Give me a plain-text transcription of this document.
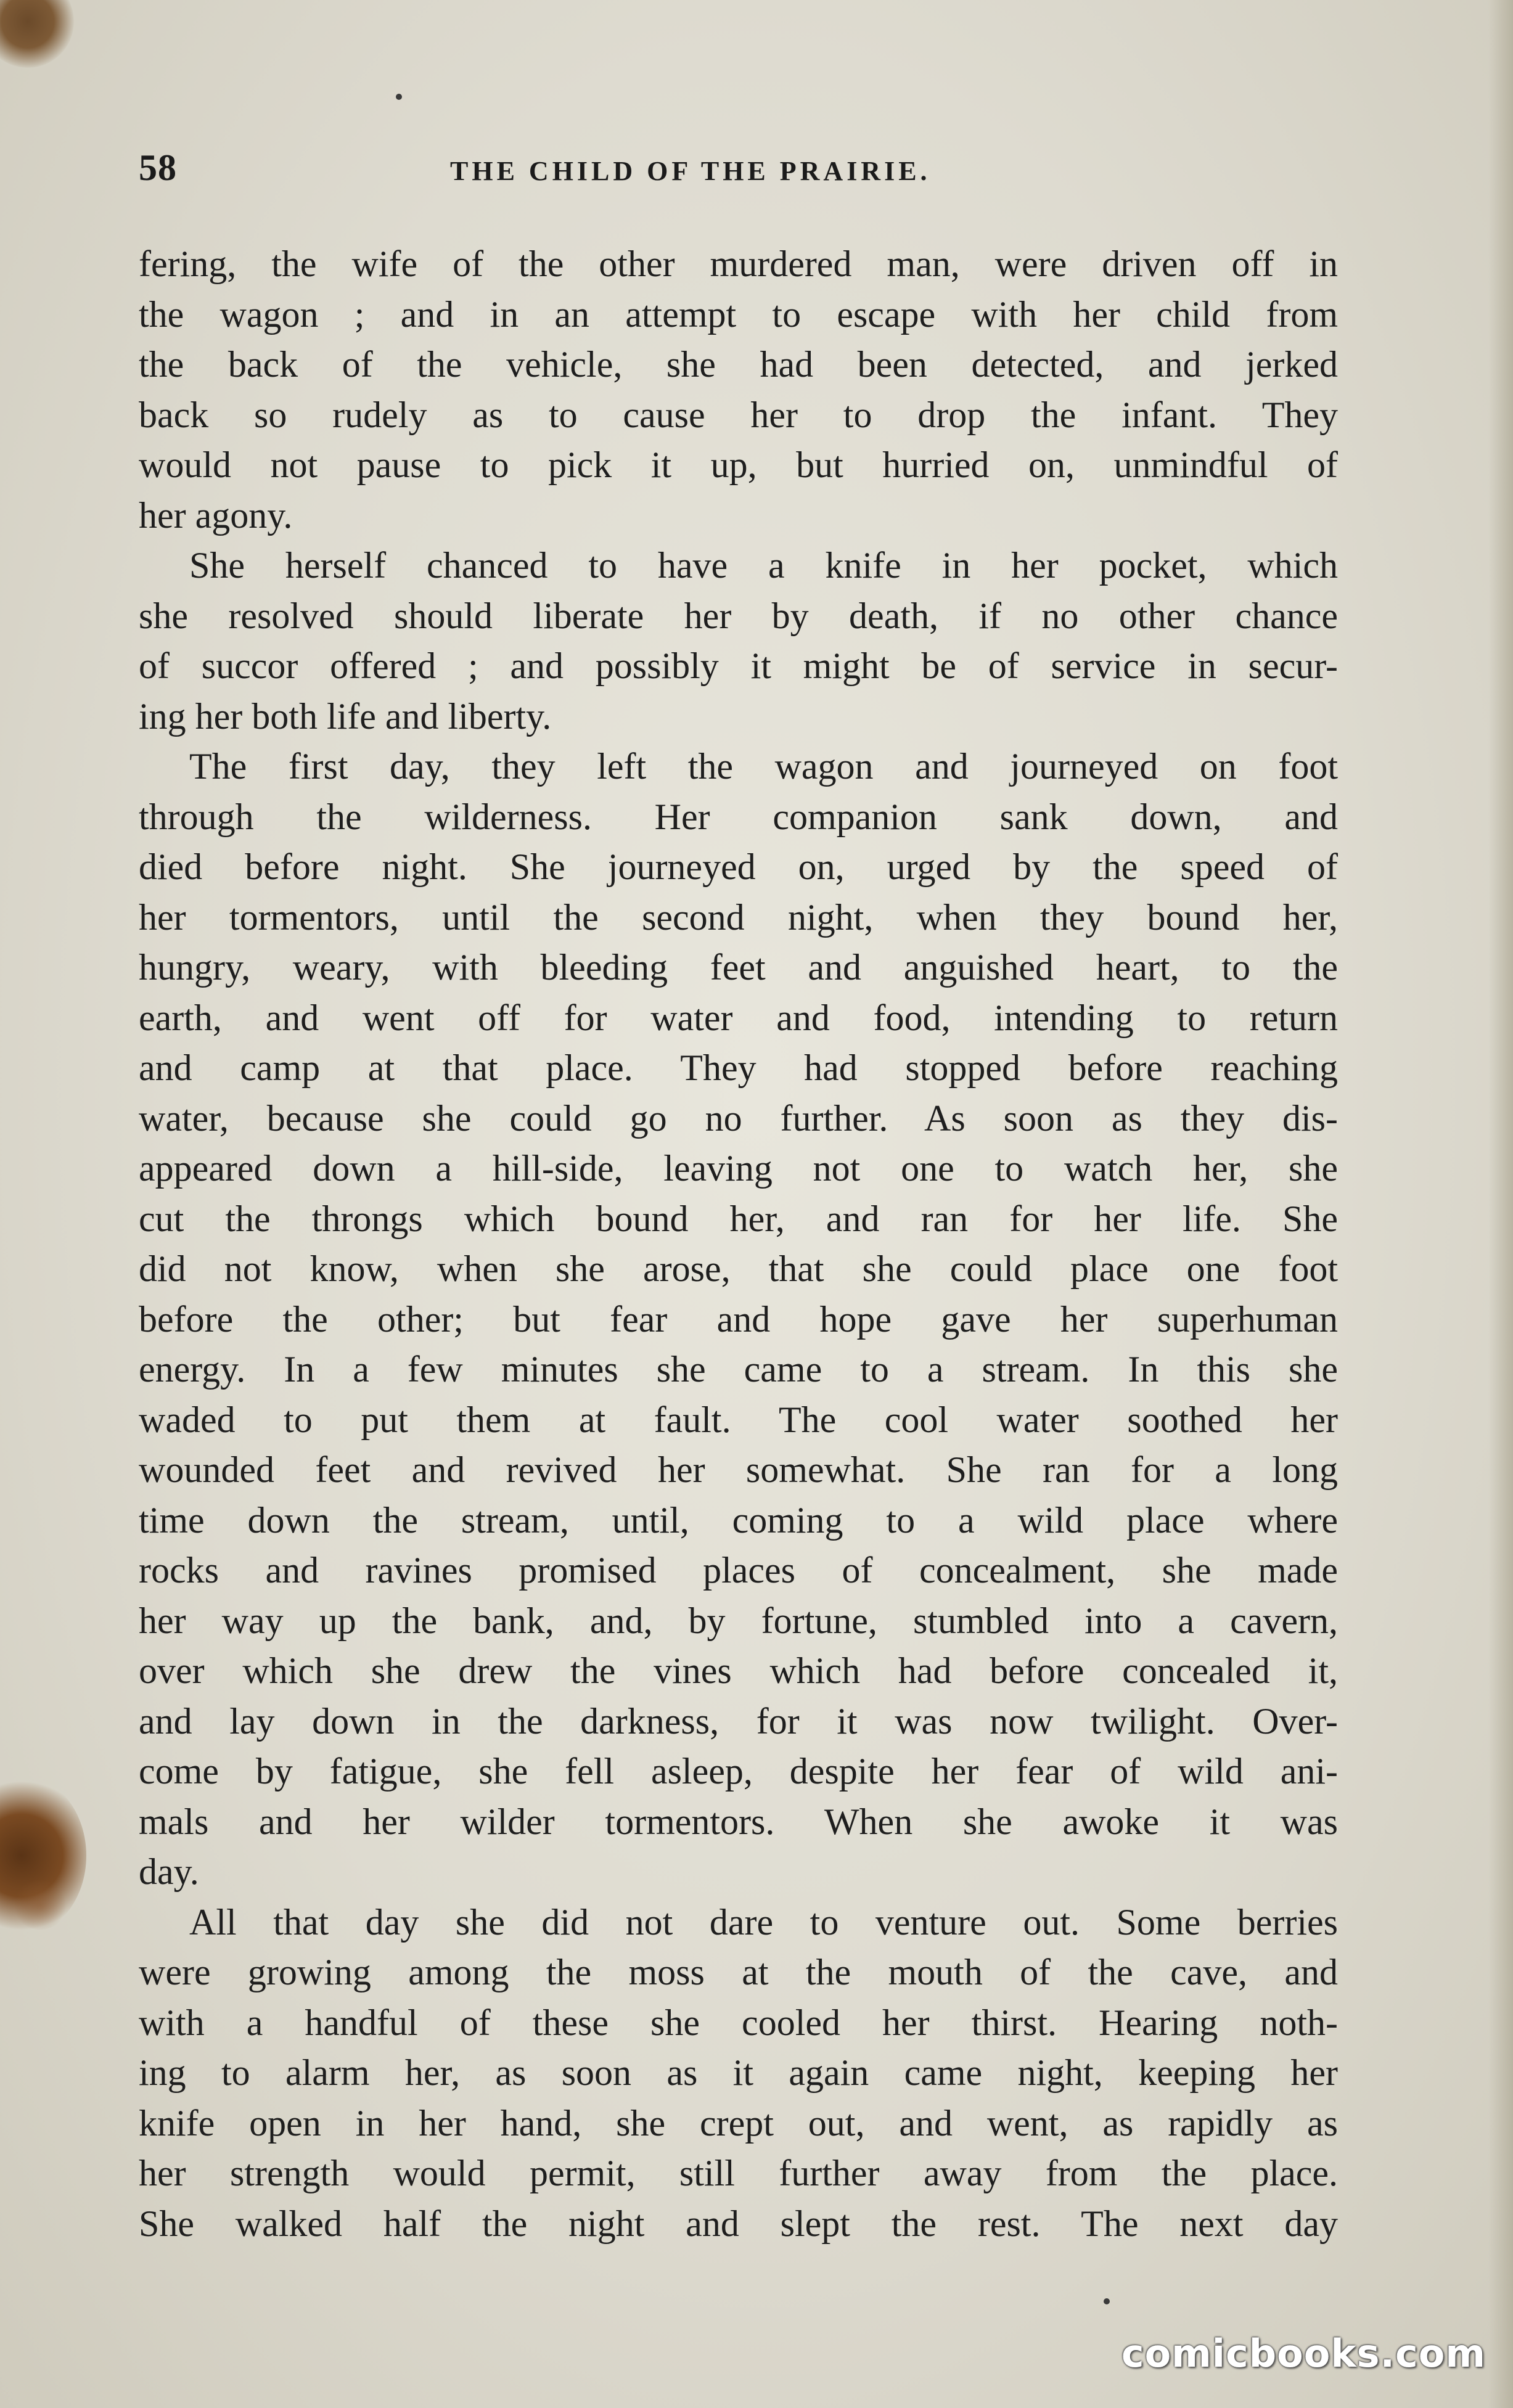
58	THE CHILD OF THE PRAIRIE.
fering, the wife of the other murdered man, were driven off in
the wagon ; and in an attempt to escape with her child from
the back of the vehicle, she had been detected, and jerked
back so rudely as to cause her to drop the infant. They
would not pause to pick it up, but hurried on, unmindful of
her agony.
She herself chanced to have a knife in her pocket, which
she resolved should liberate her by death, if no other chance
of succor offered ; and possibly it might be of service in secur-
ing her both life and liberty.
The first day, they left the wagon and journeyed on foot
through the wilderness. Her companion sank down, and
died before night. She journeyed on, urged by the speed of
her tormentors, until the second night, when they bound her,
hungry, weary, with bleeding feet and anguished heart, to the
earth, and went off for water and food, intending to return
and camp at that place. They had stopped before reaching
water, because she could go no further. As soon as they dis-
appeared down a hill-side, leaving not one to watch her, she
cut the throngs which bound her, and ran for her life. She
did not know, when she arose, that she could place one foot
before the other; but fear and hope gave her superhuman
energy. In a few minutes she came to a stream. In this she
waded to put them at fault. The cool water soothed her
wounded feet and revived her somewhat. She ran for a long
time down the stream, until, coming to a wild place where
rocks and ravines promised places of concealment, she made
her way up the bank, and, by fortune, stumbled into a cavern,
over which she drew the vines which had before concealed it,
and lay down in the darkness, for it was now twilight. Over-
come by fatigue, she fell asleep, despite her fear of wild ani-
mals and her wilder tormentors. When she awoke it was
day.
All that day she did not dare to venture out. Some berries
were growing among the moss at the mouth of the cave, and
with a handful of these she cooled her thirst. Hearing noth-
ing to alarm her, as soon as it again came night, keeping her
knife open in her hand, she crept out, and went, as rapidly as
her strength would permit, still further away from the place.
She walked half the night and slept the rest. The next day
comicbooks.com
